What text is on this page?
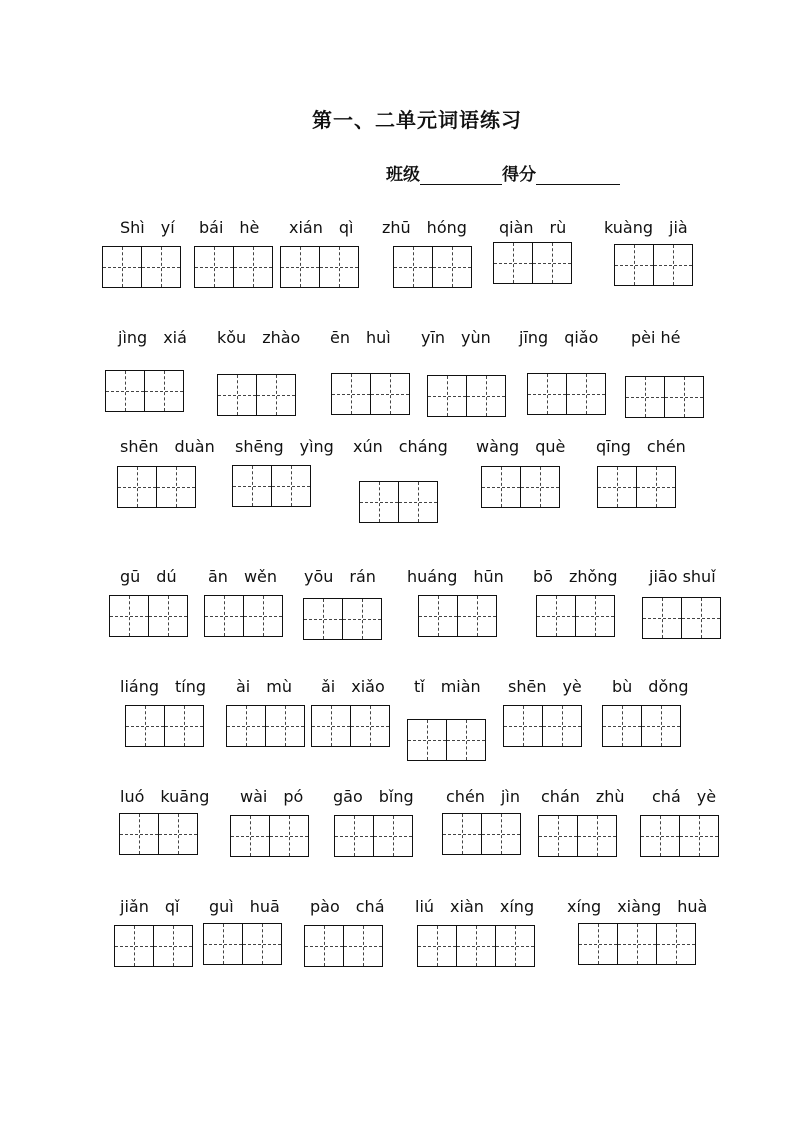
第一、二单元词语练习
班级	得分
Shì　yí bái　hè xián　qì zhū　hóng qiàn　rù kuàng　jià
jìng　xiá kǒu　zhào ēn　huì yīn　yùn jīng　qiǎo pèi hé
shēn　duàn shēng　yìng xún　cháng wàng　què qīng　chén
gū　dú ān　wěn yōu　rán huáng　hūn bō　zhǒng jiāo shuǐ
liáng　tíng ài　mù ǎi　xiǎo tǐ　miàn shēn　yè bù　dǒng
luó　kuāng wài　pó gāo　bǐng chén　jìn chán　zhù chá　yè
jiǎn　qǐ guì　huā pào　chá liú　xiàn　xíng xíng　xiàng　huà
